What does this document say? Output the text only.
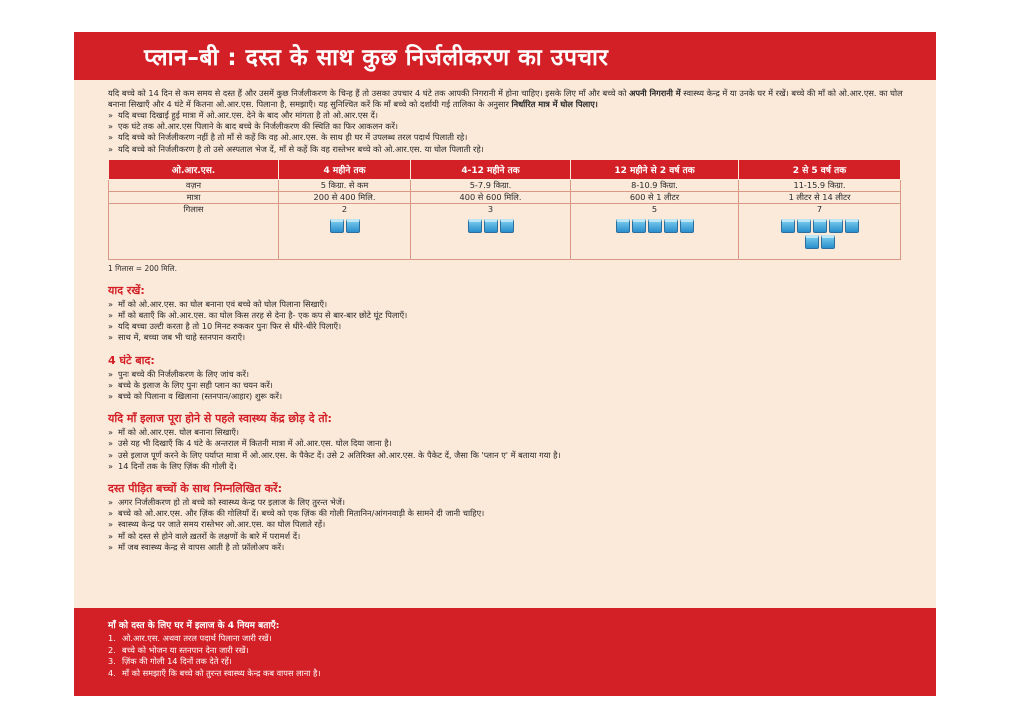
प्लान–बी : दस्त के साथ कुछ निर्जलीकरण का उपचार

यदि बच्चे को 14 दिन से कम समय से दस्त हैं और उसमें कुछ निर्जलीकरण के चिन्ह हैं तो उसका उपचार 4 घंटे तक आपकी निगरानी में होना चाहिए। इसके लिए माँ और बच्चे को अपनी निगरानी में स्वास्थ्य केन्द्र में या उनके घर में रखें। बच्चे की माँ को ओ.आर.एस. का घोल बनाना सिखाएँ और 4 घंटे में कितना ओ.आर.एस. पिलाना है, समझाएँ। यह सुनिश्चित करें कि माँ बच्चे को दर्शायी गई तालिका के अनुसार निर्धारित मात्र में घोल पिलाए।

» यदि बच्चा दिखाई हुई मात्रा में ओ.आर.एस. देने के बाद और मांगता है तो ओ.आर.एस दें।
» एक घंटे तक ओ.आर.एस पिलाने के बाद बच्चे के निर्जलीकरण की स्थिति का फिर आकलन करें।
» यदि बच्चे को निर्जलीकरण नहीं है तो माँ से कहें कि वह ओ.आर.एस. के साथ ही घर में उपलब्ध तरल पदार्थ पिलाती रहे।
» यदि बच्चे को निर्जलीकरण है तो उसे अस्पताल भेज दें, माँ से कहें कि वह रास्तेभर बच्चे को ओ.आर.एस. या घोल पिलाती रहे।
ओ.आर.एस.	4 महीने तक	4-12 महीने तक	12 महीने से 2 वर्ष तक	2 से 5 वर्ष तक
वज़न	5 किग्रा. से कम	5-7.9 किग्रा.	8-10.9 किग्रा.	11-15.9 किग्रा.
मात्रा	200 से 400 मिलि.	400 से 600 मिलि.	600 से 1 लीटर	1 लीटर से 14 लीटर
गिलास	2	3	5	7
1 गिलास = 200 मिलि.
याद रखें:
» माँ को ओ.आर.एस. का घोल बनाना एवं बच्चे को घोल पिलाना सिखाएँ।
» माँ को बताएँ कि ओ.आर.एस. का घोल किस तरह से देना है- एक कप से बार-बार छोटे घूंट पिलाएँ।
» यदि बच्चा उल्टी करता है तो 10 मिनट रुककर पुनः फिर से धीरे-धीरे पिलाएँ।
» साथ में, बच्चा जब भी चाहे स्तनपान कराएँ।
4 घंटे बाद:
» पुनः बच्चे की निर्जलीकरण के लिए जांच करें।
» बच्चे के इलाज के लिए पुनः सही प्लान का चयन करें।
» बच्चे को पिलाना व खिलाना (स्तनपान/आहार) शुरू करें।
यदि माँ इलाज पूरा होने से पहले स्वास्थ्य केंद्र छोड़ दे तो:
» माँ को ओ.आर.एस. घोल बनाना सिखाएँ।
» उसे यह भी दिखाएँ कि 4 घंटे के अन्तराल में कितनी मात्रा में ओ.आर.एस. घोल दिया जाना है।
» उसे इलाज पूर्ण करने के लिए पर्याप्त मात्रा में ओ.आर.एस. के पैकेट दें। उसे 2 अतिरिक्त ओ.आर.एस. के पैकेट दें, जैसा कि 'प्लान ए' में बताया गया है।
» 14 दिनों तक के लिए ज़िंक की गोली दें।
दस्त पीड़ित बच्चों के साथ निम्नलिखित करें:
» अगर निर्जलीकरण हो तो बच्चे को स्वास्थ्य केन्द्र पर इलाज के लिए तुरन्त भेजें।
» बच्चे को ओ.आर.एस. और ज़िंक की गोलियाँ दें। बच्चे को एक ज़िंक की गोली मितानिन/आंगनवाड़ी के सामने दी जानी चाहिए।
» स्वास्थ्य केन्द्र पर जाते समय रास्तेभर ओ.आर.एस. का घोल पिलाते रहें।
» माँ को दस्त से होने वाले ख़तरों के लक्षणों के बारे में परामर्श दें।
» माँ जब स्वास्थ्य केन्द्र से वापस आती है तो फ़ॉलोअप करें।
माँ को दस्त के लिए घर में इलाज के 4 नियम बताएँ:
1. ओ.आर.एस. अथवा तरल पदार्थ पिलाना जारी रखें।
2. बच्चे को भोजन या स्तनपान देना जारी रखें।
3. ज़िंक की गोली 14 दिनों तक देते रहें।
4. माँ को समझाएँ कि बच्चे को तुरन्त स्वास्थ्य केन्द्र कब वापस लाना है।
